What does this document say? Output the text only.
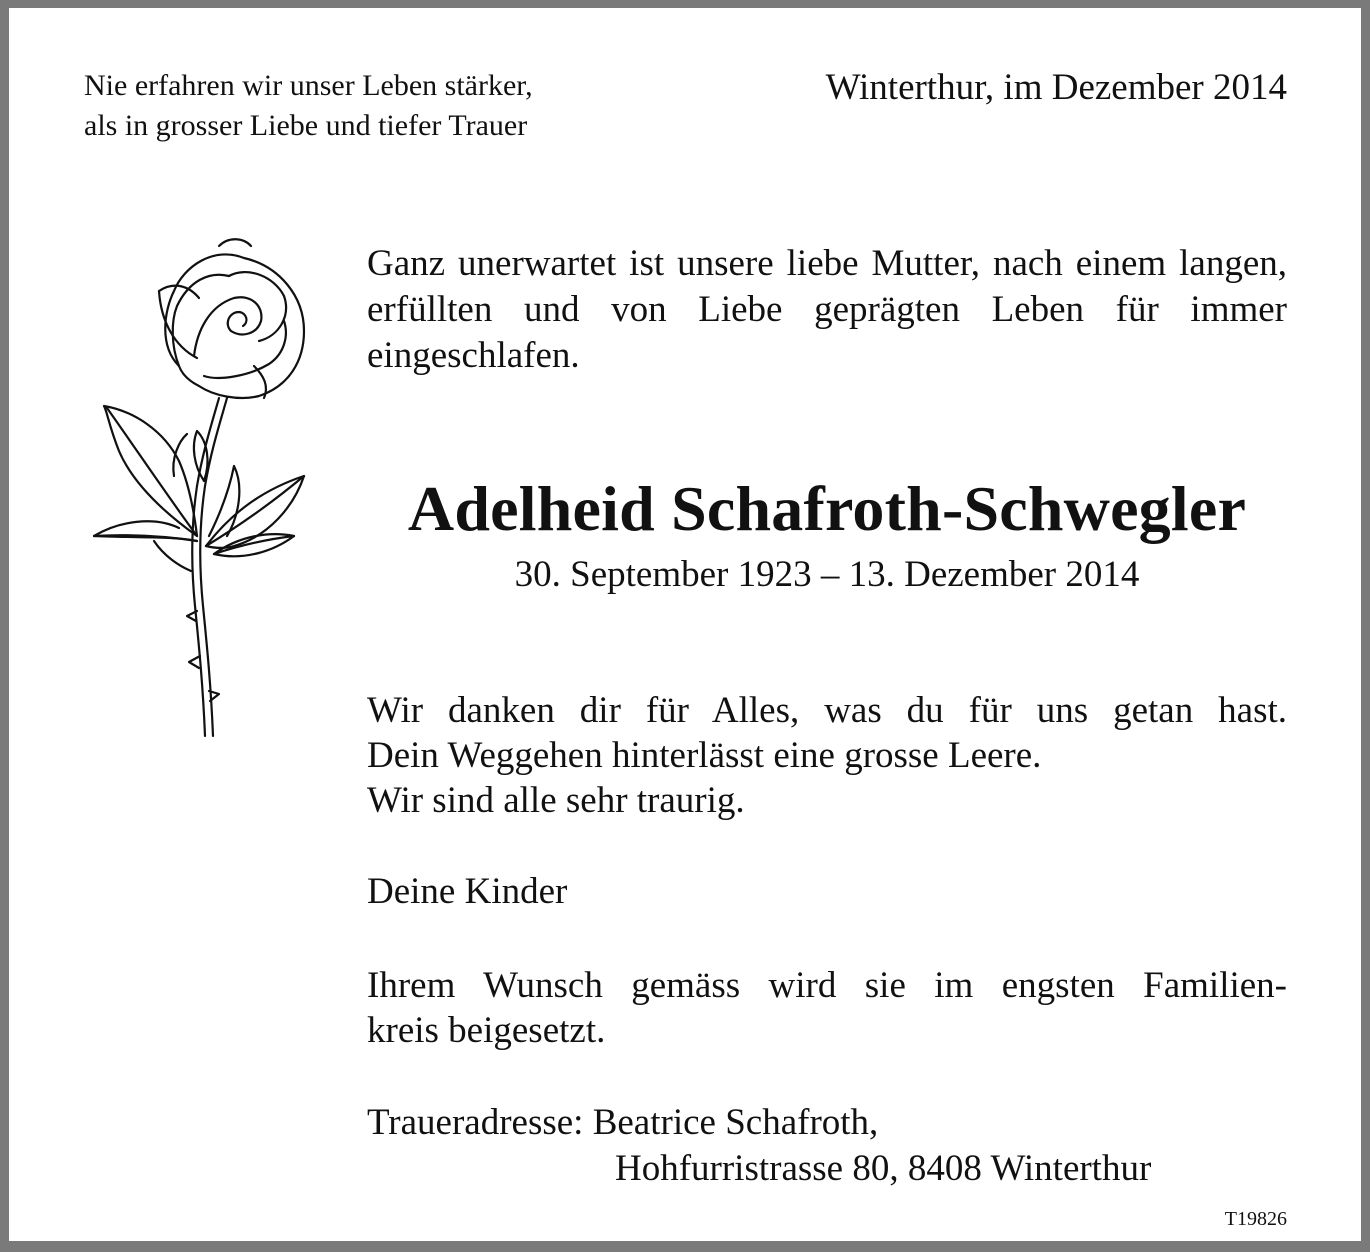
Nie erfahren wir unser Leben stärker,
als in grosser Liebe und tiefer Trauer
Winterthur, im Dezember 2014
Ganz unerwartet ist unsere liebe Mutter, nach einem langen, erfüllten und von Liebe geprägten Leben für immer eingeschlafen.
Adelheid Schafroth-Schwegler
30. September 1923 – 13. Dezember 2014
Wir danken dir für Alles, was du für uns getan hast.
Dein Weggehen hinterlässt eine grosse Leere.
Wir sind alle sehr traurig.
Deine Kinder
Ihrem Wunsch gemäss wird sie im engsten Familien-
kreis beigesetzt.
Traueradresse: Beatrice Schafroth,
Hohfurristrasse 80, 8408 Winterthur
T19826
